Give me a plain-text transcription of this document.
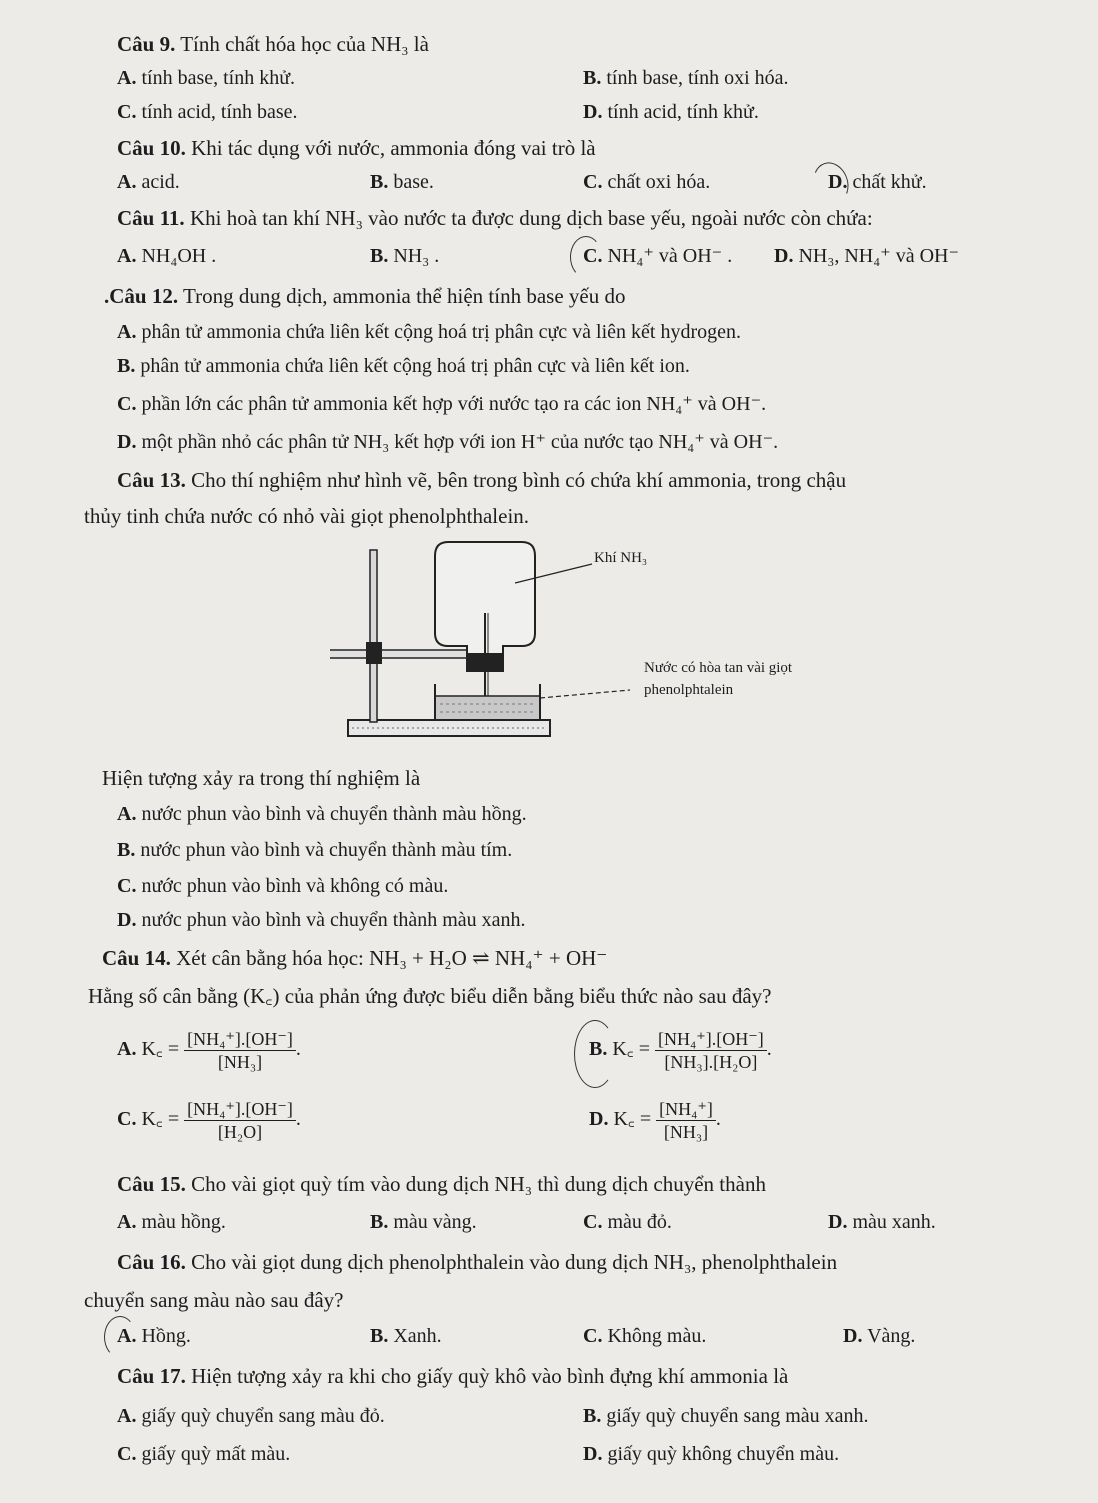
Câu 9. Tính chất hóa học của NH₃ là
A. tính base, tính khử.	B. tính base, tính oxi hóa.
C. tính acid, tính base.	D. tính acid, tính khử.
Câu 10. Khi tác dụng với nước, ammonia đóng vai trò là
A. acid.	B. base.	C. chất oxi hóa.	D. chất khử.
Câu 11. Khi hoà tan khí NH₃ vào nước ta được dung dịch base yếu, ngoài nước còn chứa:
A. NH₄OH .	B. NH₃ .	C. NH₄⁺ và OH⁻ . D. NH₃, NH₄⁺ và OH⁻
.Câu 12. Trong dung dịch, ammonia thể hiện tính base yếu do
A. phân tử ammonia chứa liên kết cộng hoá trị phân cực và liên kết hydrogen.
B. phân tử ammonia chứa liên kết cộng hoá trị phân cực và liên kết ion.
C. phần lớn các phân tử ammonia kết hợp với nước tạo ra các ion NH₄⁺ và OH⁻.
D. một phần nhỏ các phân tử NH₃ kết hợp với ion H⁺ của nước tạo NH₄⁺ và OH⁻.
Câu 13. Cho thí nghiệm như hình vẽ, bên trong bình có chứa khí ammonia, trong chậu
thủy tinh chứa nước có nhỏ vài giọt phenolphthalein.
Khí NH₃
Nước có hòa tan vài giọt
phenolphtalein
Hiện tượng xảy ra trong thí nghiệm là
A. nước phun vào bình và chuyển thành màu hồng.
B. nước phun vào bình và chuyển thành màu tím.
C. nước phun vào bình và không có màu.
D. nước phun vào bình và chuyển thành màu xanh.
Câu 14. Xét cân bằng hóa học: NH₃ + H₂O ⇌ NH₄⁺ + OH⁻
Hằng số cân bằng (K꜀) của phản ứng được biểu diễn bằng biểu thức nào sau đây?
A. K꜀ = $\frac{\text{[NH₄⁺].[OH⁻]}}{\text{[NH₃]}}$ .	B. K꜀ = $\frac{\text{[NH₄⁺].[OH⁻]}}{\text{[NH₃].[H₂O]}}$ .
C. K꜀ = $\frac{\text{[NH₄⁺].[OH⁻]}}{\text{[H₂O]}}$ .	D. K꜀ = $\frac{\text{[NH₄⁺]}}{\text{[NH₃]}}$ .
Câu 15. Cho vài giọt quỳ tím vào dung dịch NH₃ thì dung dịch chuyển thành
A. màu hồng.	B. màu vàng.	C. màu đỏ.	D. màu xanh.
Câu 16. Cho vài giọt dung dịch phenolphthalein vào dung dịch NH₃, phenolphthalein
chuyển sang màu nào sau đây?
A. Hồng.	B. Xanh.	C. Không màu.	D. Vàng.
Câu 17. Hiện tượng xảy ra khi cho giấy quỳ khô vào bình đựng khí ammonia là
A. giấy quỳ chuyển sang màu đỏ.	B. giấy quỳ chuyển sang màu xanh.
C. giấy quỳ mất màu.	D. giấy quỳ không chuyển màu.
